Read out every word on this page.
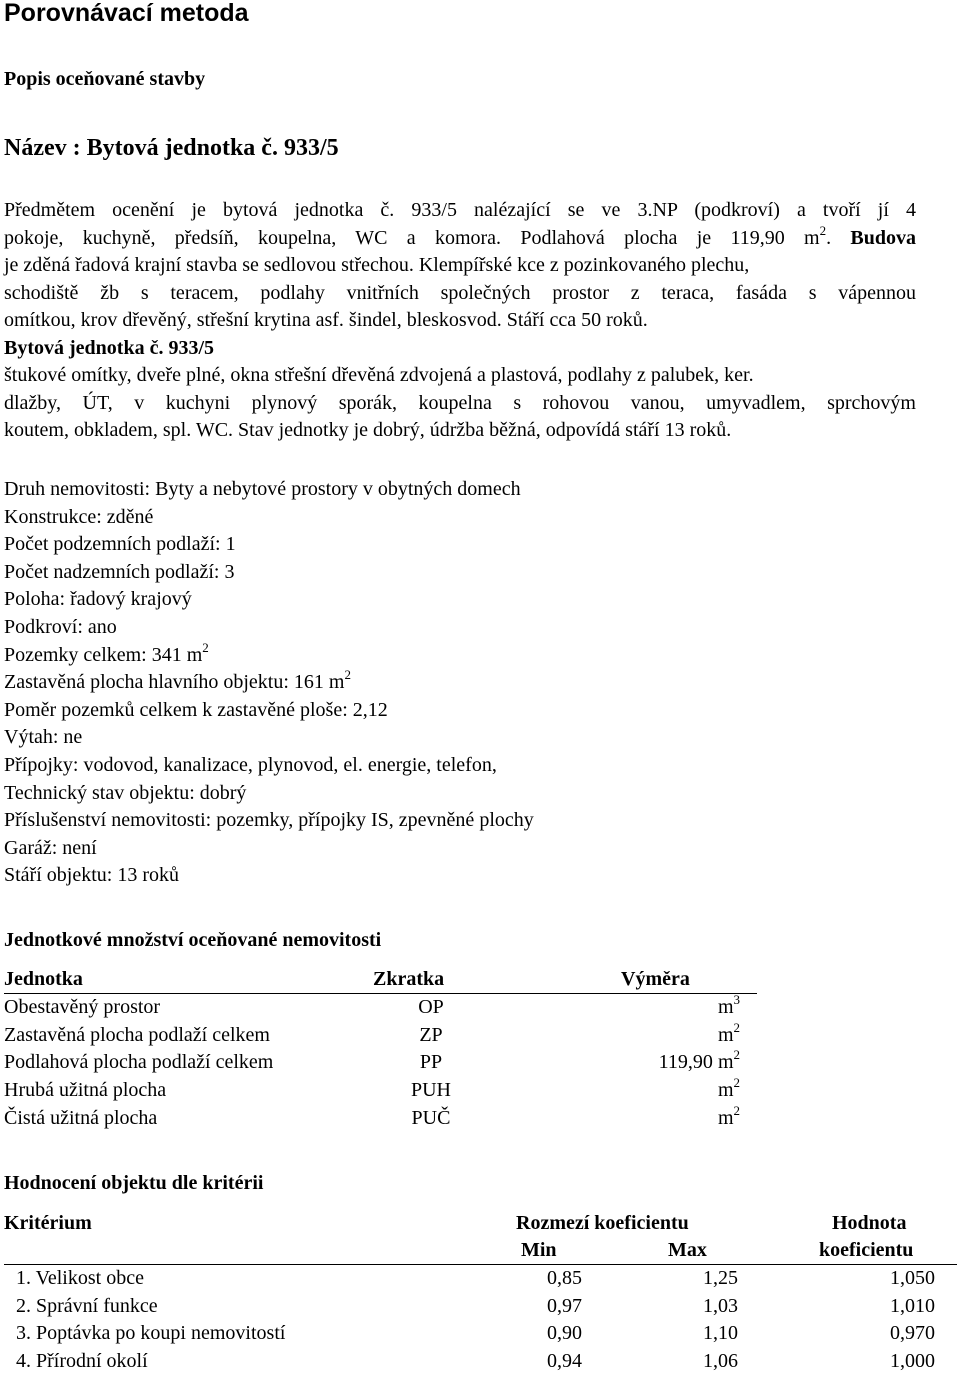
Porovnávací metoda
Popis oceňované stavby
Název : Bytová jednotka č. 933/5
Předmětem ocenění je bytová jednotka č. 933/5 nalézající se ve 3.NP (podkroví) a tvoří jí 4
pokoje, kuchyně, předsíň, koupelna, WC a komora. Podlahová plocha je 119,90 $m^2$. Budova
je zděná řadová krajní stavba se sedlovou střechou. Klempířské kce z pozinkovaného plechu,
schodiště žb s teracem, podlahy vnitřních společných prostor z teraca, fasáda s vápennou
omítkou, krov dřevěný, střešní krytina asf. šindel, bleskosvod. Stáří cca 50 roků.
Bytová jednotka č. 933/5
štukové omítky, dveře plné, okna střešní dřevěná zdvojená a plastová, podlahy z palubek, ker.
dlažby, ÚT, v kuchyni plynový sporák, koupelna s rohovou vanou, umyvadlem, sprchovým
koutem, obkladem, spl. WC. Stav jednotky je dobrý, údržba běžná, odpovídá stáří 13 roků.
Druh nemovitosti: Byty a nebytové prostory v obytných domech
Konstrukce: zděné
Počet podzemních podlaží: 1
Počet nadzemních podlaží: 3
Poloha: řadový krajový
Podkroví: ano
Pozemky celkem: 341 $m^2$
Zastavěná plocha hlavního objektu: 161 $m^2$
Poměr pozemků celkem k zastavěné ploše: 2,12
Výtah: ne
Přípojky: vodovod, kanalizace, plynovod, el. energie, telefon,
Technický stav objektu: dobrý
Příslušenství nemovitosti: pozemky, přípojky IS, zpevněné plochy
Garáž: není
Stáří objektu: 13 roků
Jednotkové množství oceňované nemovitosti
Jednotka	Zkratka	Výměra
Obestavěný prostor	OP	$m^3$
Zastavěná plocha podlaží celkem	ZP	$m^2$
Podlahová plocha podlaží celkem	PP	119,90 $m^2$
Hrubá užitná plocha	PUH	$m^2$
Čistá užitná plocha	PUČ	$m^2$
Hodnocení objektu dle kritérii
Kritérium	Rozmezí koeficientu
Min	Max
Hodnota
koeficientu
1. Velikost obce	0,85	1,25	1,050
2. Správní funkce	0,97	1,03	1,010
3. Poptávka po koupi nemovitostí	0,90	1,10	0,970
4. Přírodní okolí	0,94	1,06	1,000
